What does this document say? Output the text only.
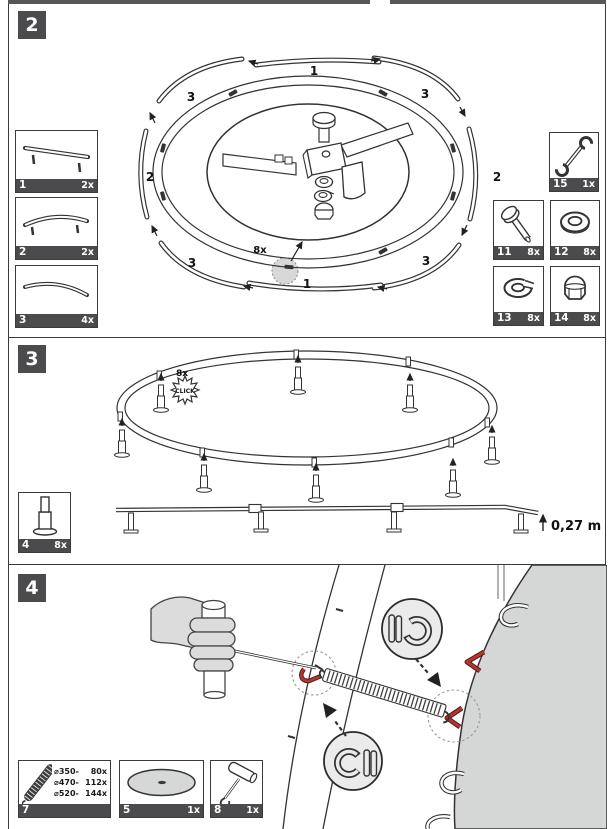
2
1
1
2	2
3	3
3	3
8x
1	2x
2	2x
3	4x
15 1x
11 8x 12 8x
13 8x 14 8x
3
CLICK
8x
0,27 m
4	8x
4
⌀350- 80x
⌀470- 112x
⌀520- 144x
7	5	1x 8	1x
